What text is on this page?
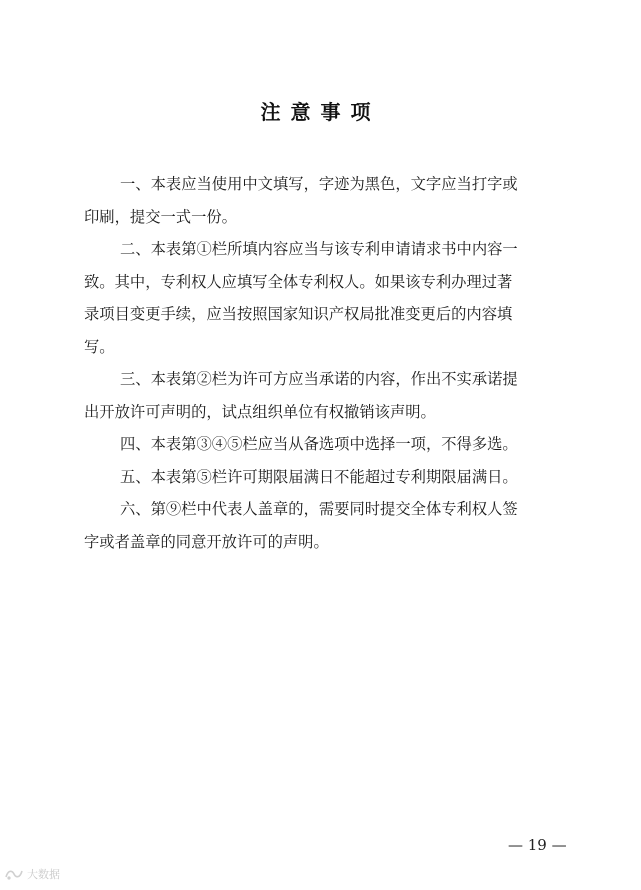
注意事项

一、本表应当使用中文填写，字迹为黑色，文字应当打字或
印刷，提交一式一份。

二、本表第①栏所填内容应当与该专利申请请求书中内容一
致。其中，专利权人应填写全体专利权人。如果该专利办理过著
录项目变更手续，应当按照国家知识产权局批准变更后的内容填
写。

三、本表第②栏为许可方应当承诺的内容，作出不实承诺提
出开放许可声明的，试点组织单位有权撤销该声明。

四、本表第③④⑤栏应当从备选项中选择一项，不得多选。

五、本表第⑤栏许可期限届满日不能超过专利期限届满日。

六、第⑨栏中代表人盖章的，需要同时提交全体专利权人签
字或者盖章的同意开放许可的声明。

— 19 —
大数据
